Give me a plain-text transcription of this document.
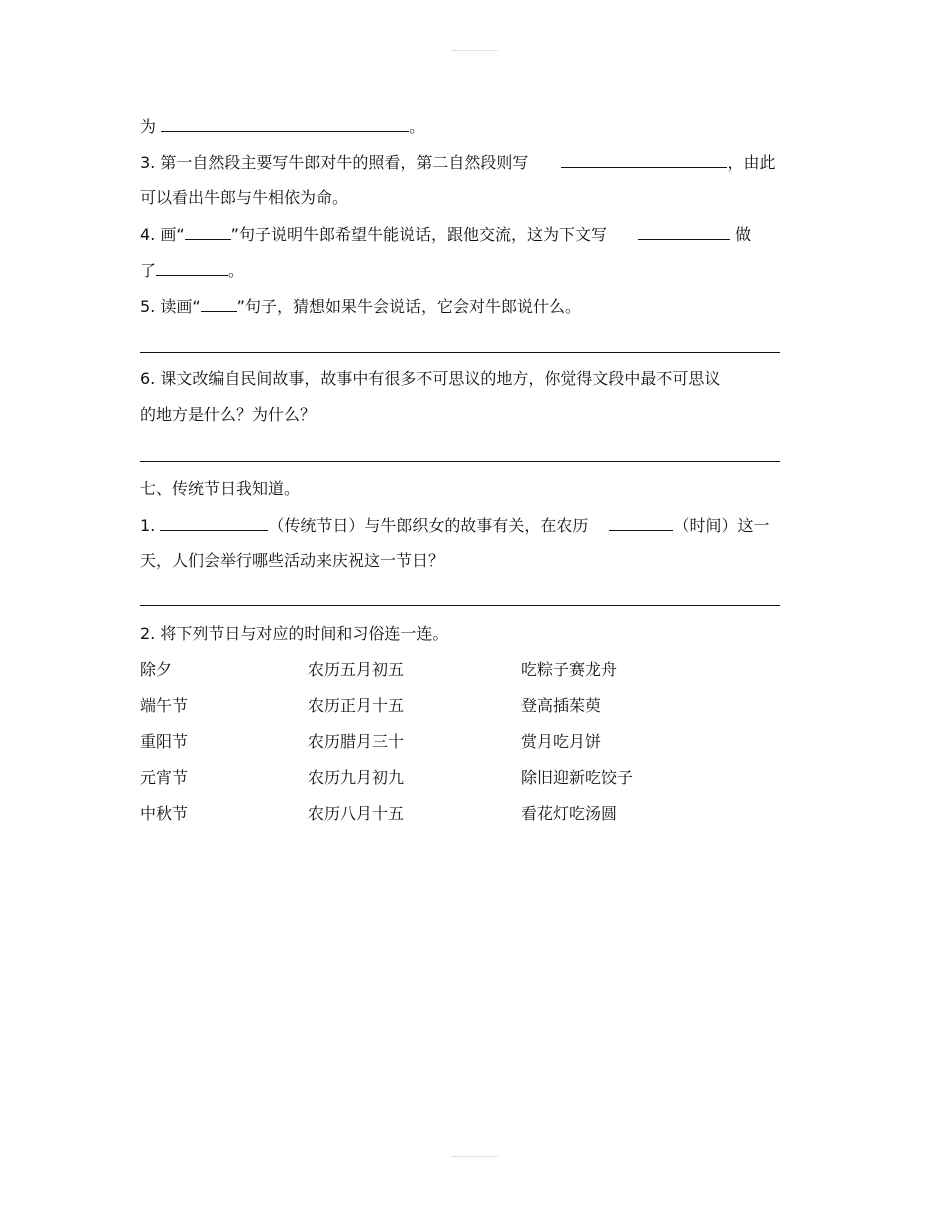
为	。
3. 第一自然段主要写牛郎对牛的照看，第二自然段则写	，由此
可以看出牛郎与牛相依为命。
4. 画“	”句子说明牛郎希望牛能说话，跟他交流，这为下文写	做
了	。
5. 读画“ ”句子，猜想如果牛会说话，它会对牛郎说什么。
6. 课文改编自民间故事，故事中有很多不可思议的地方，你觉得文段中最不可思议
的地方是什么？为什么？
七、传统节日我知道。
1.	（传统节日）与牛郎织女的故事有关，在农历	（时间）这一
天，人们会举行哪些活动来庆祝这一节日？
2. 将下列节日与对应的时间和习俗连一连。
除夕	农历五月初五	吃粽子赛龙舟
端午节	农历正月十五	登高插茱萸
重阳节	农历腊月三十	赏月吃月饼
元宵节	农历九月初九	除旧迎新吃饺子
中秋节	农历八月十五	看花灯吃汤圆
